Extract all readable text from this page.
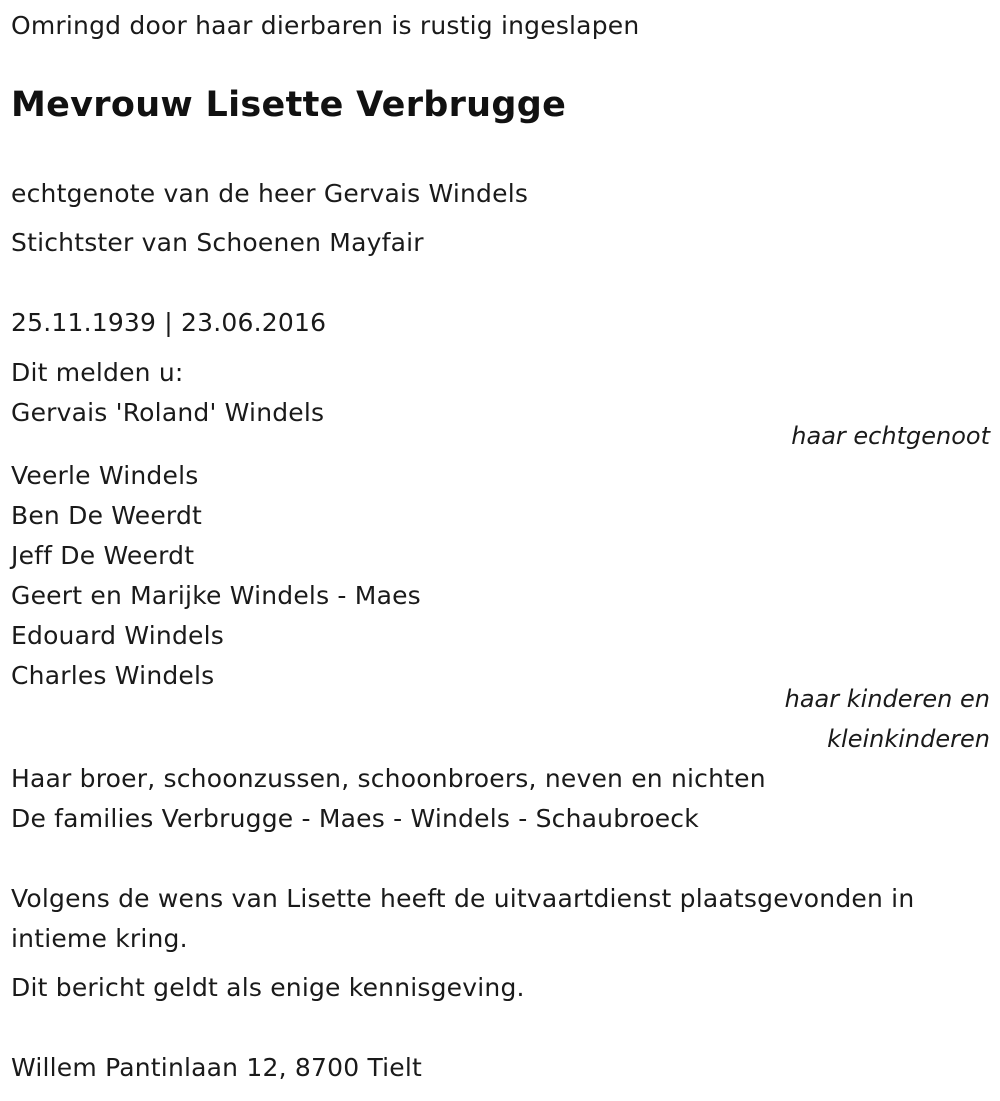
Omringd door haar dierbaren is rustig ingeslapen
Mevrouw Lisette Verbrugge
echtgenote van de heer Gervais Windels
Stichtster van Schoenen Mayfair
25.11.1939 | 23.06.2016
Dit melden u:
Gervais 'Roland' Windels
haar echtgenoot
Veerle Windels
Ben De Weerdt
Jeff De Weerdt
Geert en Marijke Windels - Maes
Edouard Windels
Charles Windels
haar kinderen en
kleinkinderen
Haar broer, schoonzussen, schoonbroers, neven en nichten
De families Verbrugge - Maes - Windels - Schaubroeck
Volgens de wens van Lisette heeft de uitvaartdienst plaatsgevonden in intieme kring.
Dit bericht geldt als enige kennisgeving.
Willem Pantinlaan 12, 8700 Tielt
